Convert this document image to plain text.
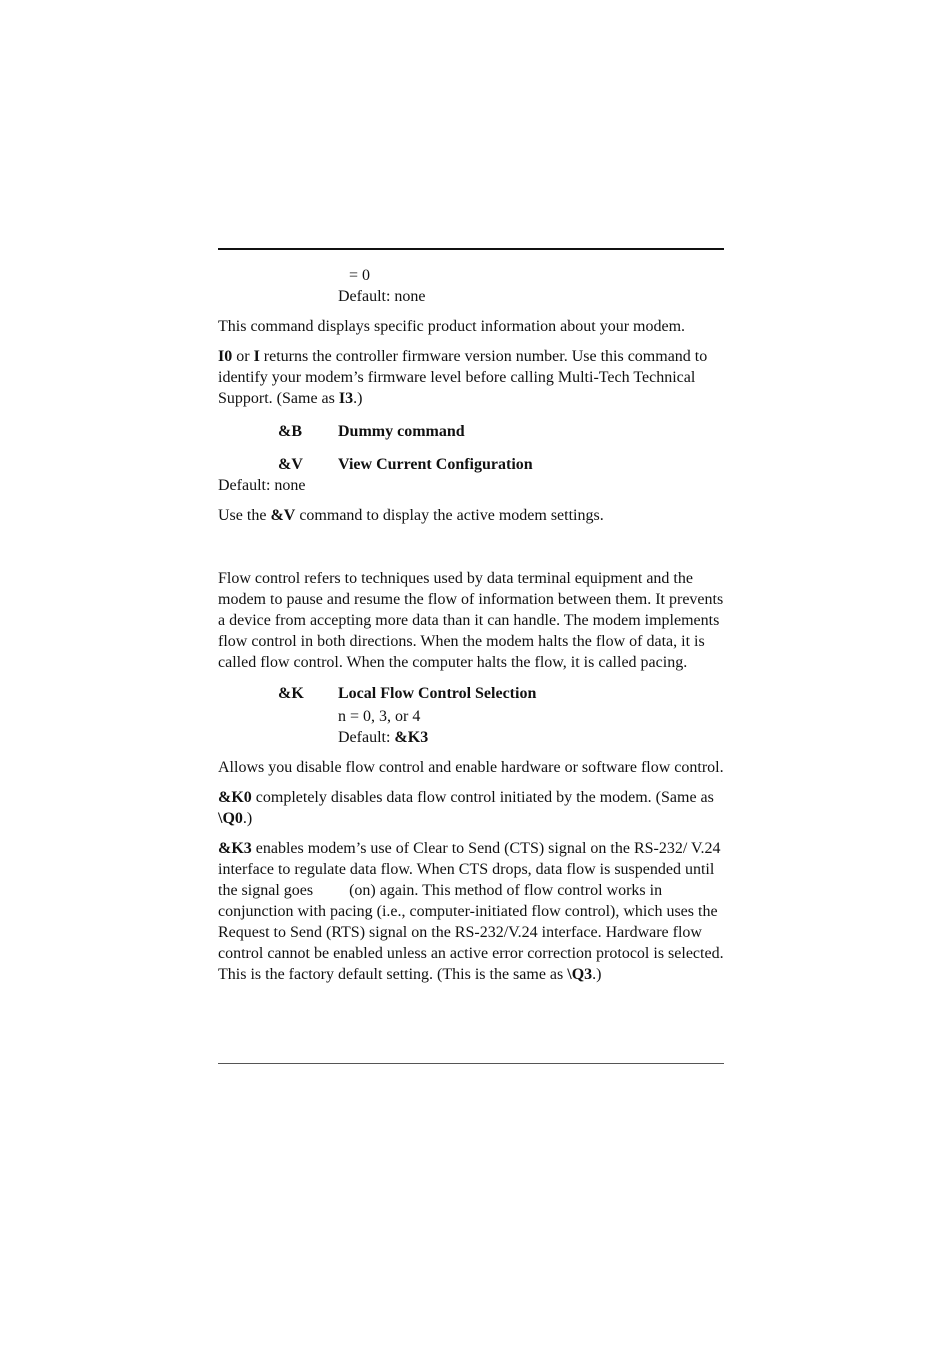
= 0

Default: none

This command displays specific product information about your modem.

I0 or I returns the controller firmware version number. Use this command to identify your modem’s firmware level before calling Multi-Tech Technical Support. (Same as I3.)

&B	Dummy command
&V	View Current Configuration

Default: none

Use the &V command to display the active modem settings.

Flow control refers to techniques used by data terminal equipment and the modem to pause and resume the flow of information between them. It prevents a device from accepting more data than it can handle. The modem implements flow control in both directions. When the modem halts the flow of data, it is called flow control. When the computer halts the flow, it is called pacing.

&K	Local Flow Control Selection

n = 0, 3, or 4

Default: &K3

Allows you disable flow control and enable hardware or software flow control.

&K0 completely disables data flow control initiated by the modem. (Same as \Q0.)

&K3 enables modem’s use of Clear to Send (CTS) signal on the RS-232/ V.24 interface to regulate data flow. When CTS drops, data flow is suspended until the signal goes (on) again. This method of flow control works in conjunction with pacing (i.e., computer-initiated flow control), which uses the Request to Send (RTS) signal on the RS-232/V.24 interface. Hardware flow control cannot be enabled unless an active error correction protocol is selected. This is the factory default setting. (This is the same as \Q3.)
